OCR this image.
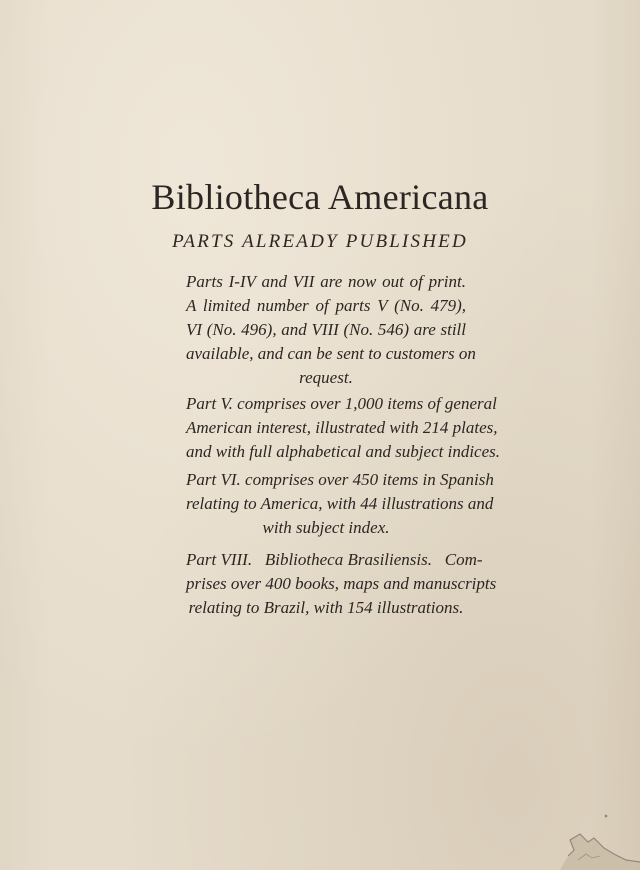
Bibliotheca Americana
PARTS ALREADY PUBLISHED
Parts I-IV and VII are now out of print.
A limited number of parts V (No. 479),
VI (No. 496), and VIII (No. 546) are still
available, and can be sent to customers on
request.
Part V. comprises over 1,000 items of general
American interest, illustrated with 214 plates,
and with full alphabetical and subject indices.
Part VI. comprises over 450 items in Spanish
relating to America, with 44 illustrations and
with subject index.
Part VIII.   Bibliotheca Brasiliensis.   Com-
prises over 400 books, maps and manuscripts
relating to Brazil, with 154 illustrations.
